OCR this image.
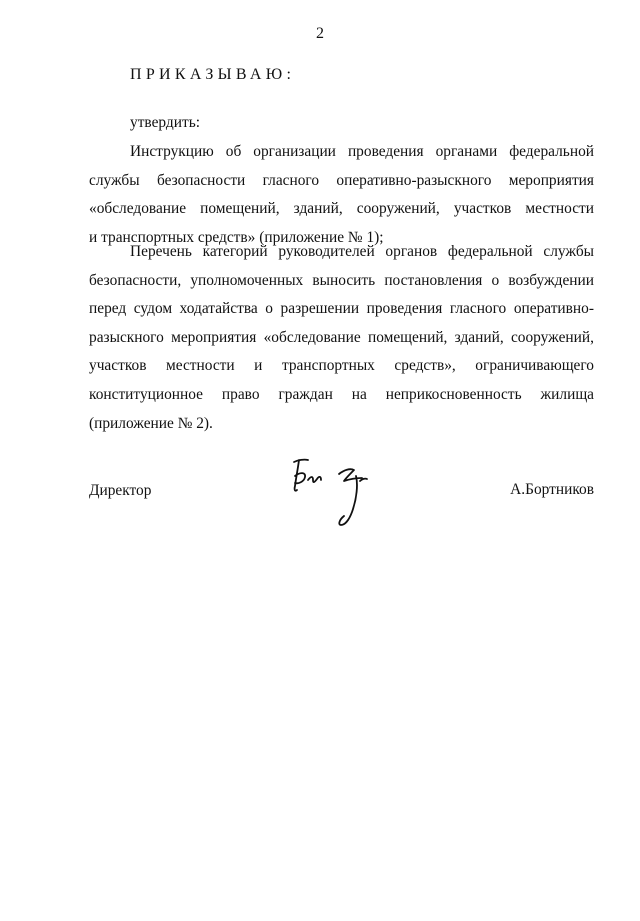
2
ПРИКАЗЫВАЮ:
утвердить:
Инструкцию об организации проведения органами федеральной
службы безопасности гласного оперативно-разыскного мероприятия
«обследование помещений, зданий, сооружений, участков местности
и транспортных средств» (приложение № 1);
Перечень категорий руководителей органов федеральной службы
безопасности, уполномоченных выносить постановления о возбуждении
перед судом ходатайства о разрешении проведения гласного оперативно-
разыскного мероприятия «обследование помещений, зданий, сооружений,
участков местности и транспортных средств», ограничивающего
конституционное право граждан на неприкосновенность жилища
(приложение № 2).
Директор	А.Бортников
